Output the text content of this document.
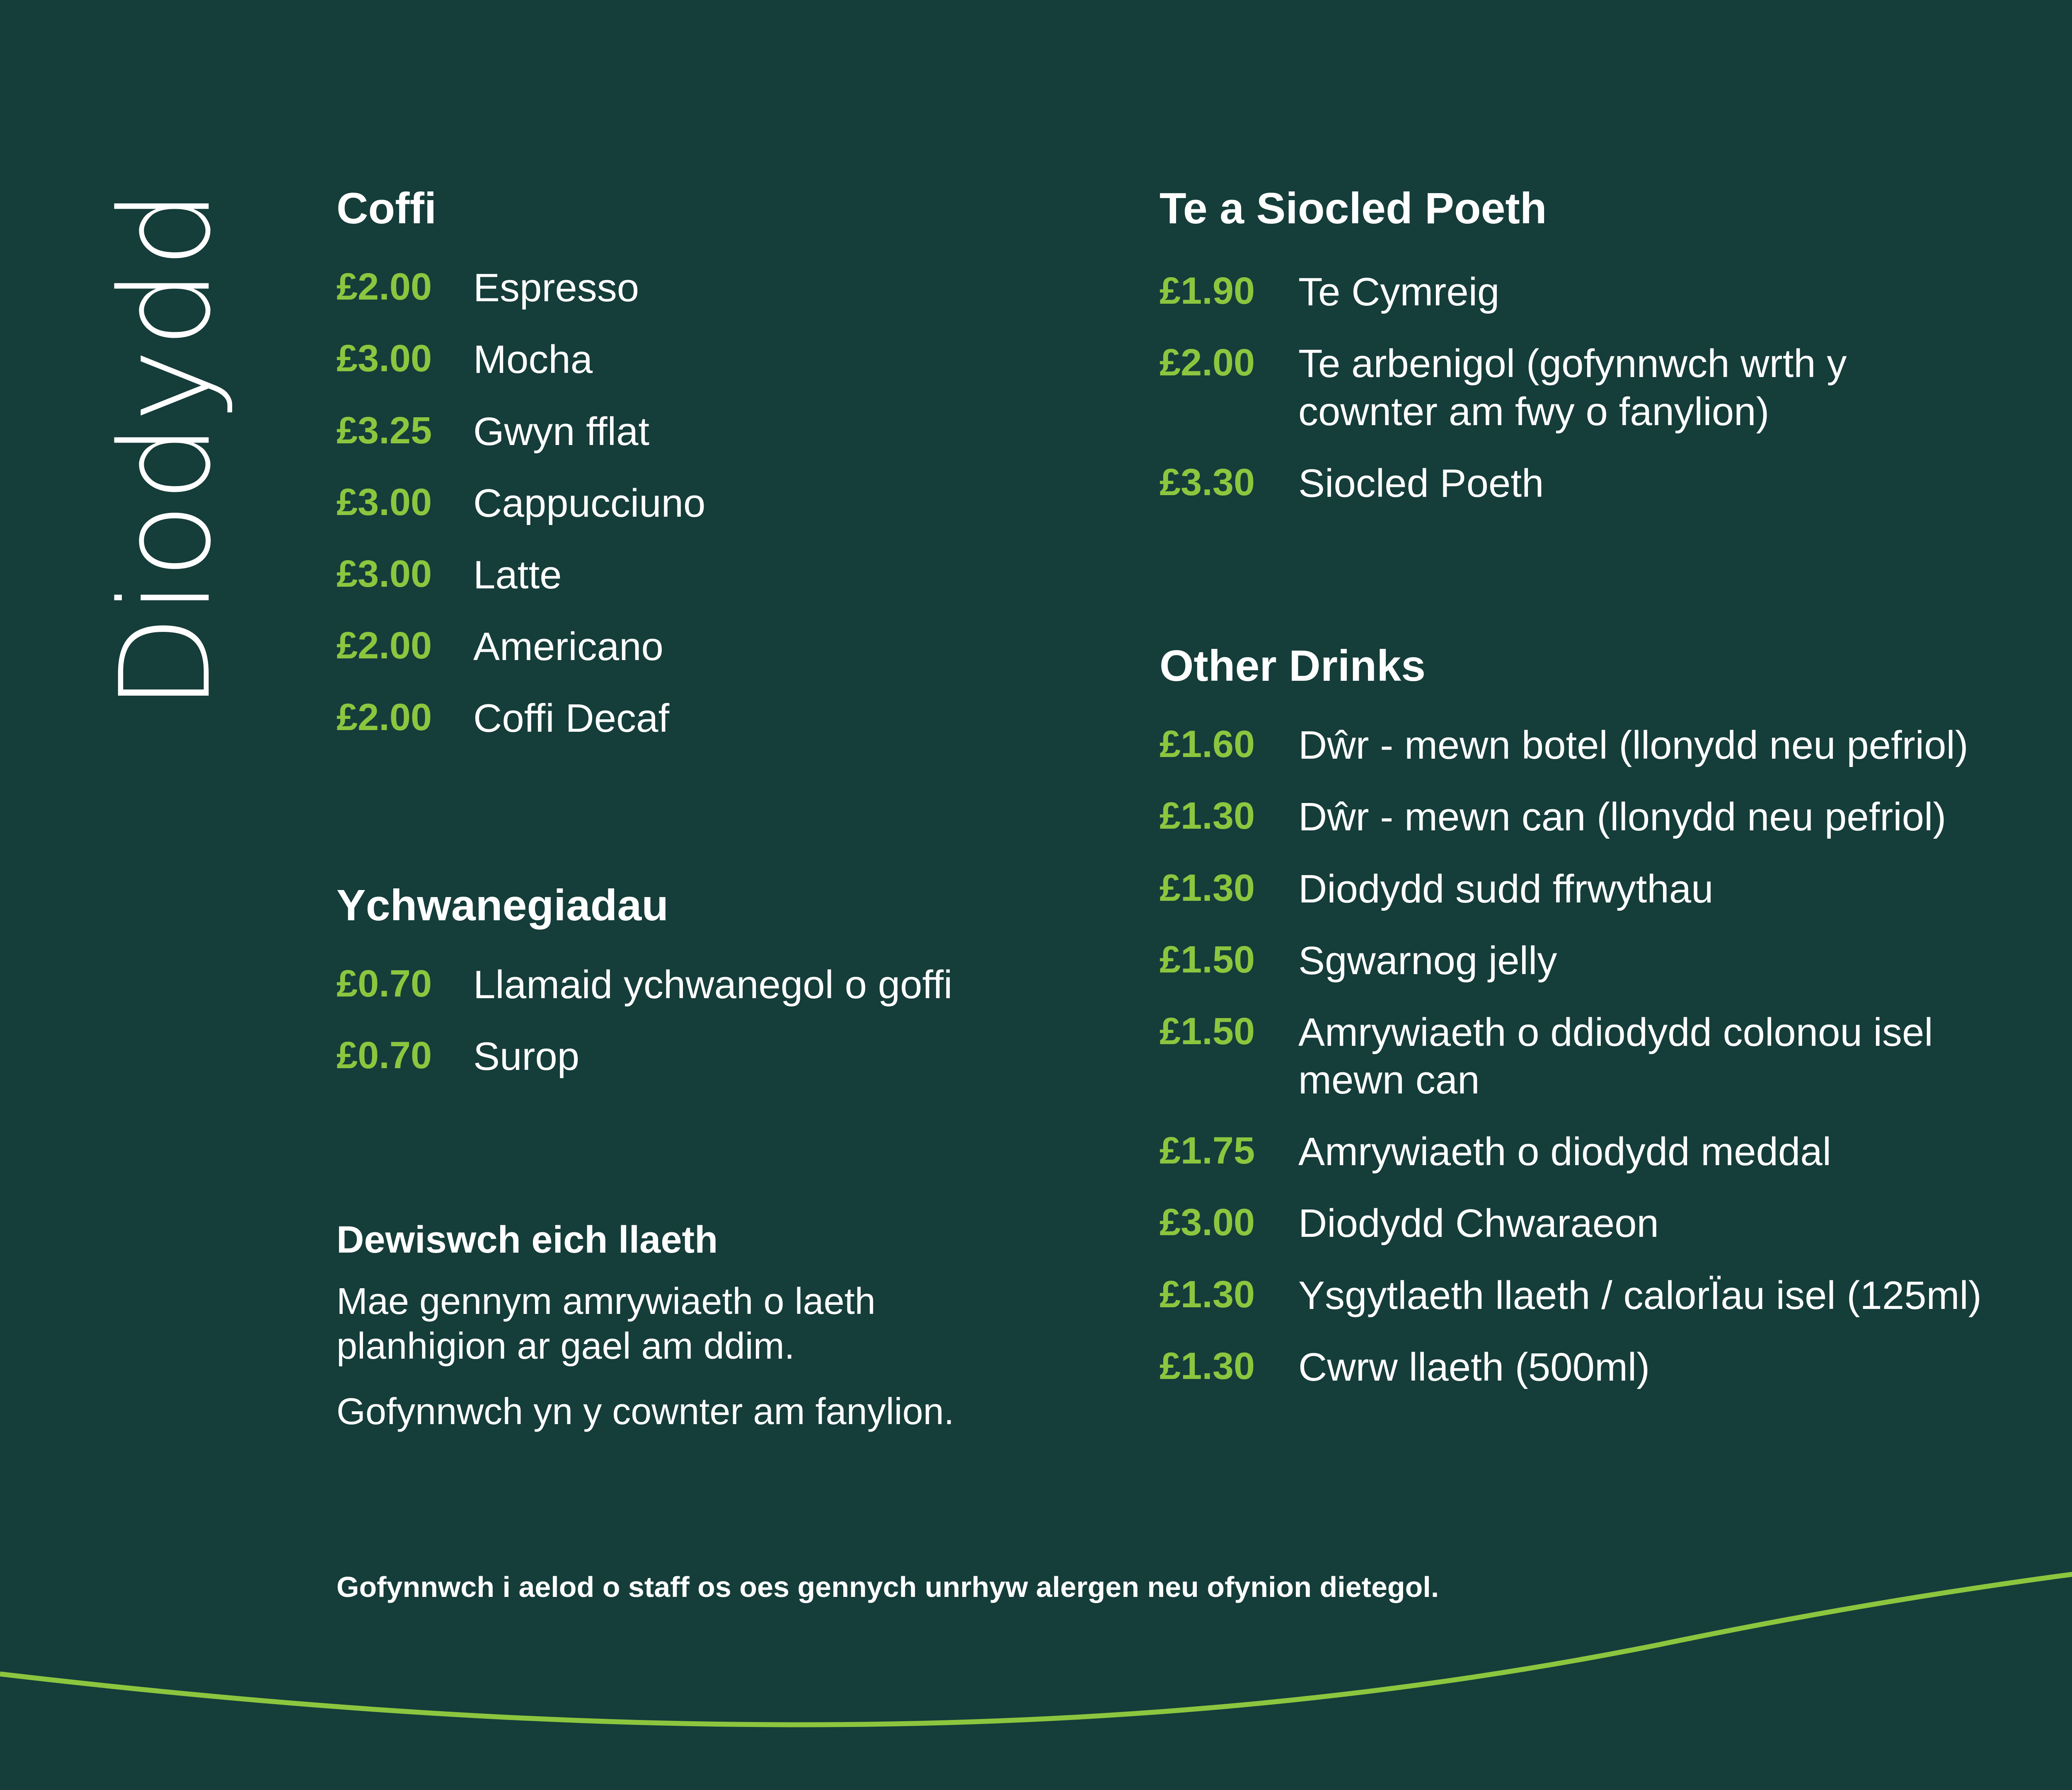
Diodydd Coffi
£2.00	Espresso
£3.00	Mocha
£3.25	Gwyn fflat
£3.00	Cappucciuno
£3.00	Latte
£2.00	Americano
£2.00	Coffi Decaf
Ychwanegiadau
£0.70	Llamaid ychwanegol o goffi
£0.70	Surop
Dewiswch eich llaeth
Mae gennym amrywiaeth o laeth planhigion ar gael am ddim.
Gofynnwch yn y cownter am fanylion.
Te a Siocled Poeth
£1.90	Te Cymreig
£2.00	Te arbenigol (gofynnwch wrth y cownter am fwy o fanylion)
£3.30	Siocled Poeth
Other Drinks
£1.60	Dŵr - mewn botel (llonydd neu pefriol)
£1.30	Dŵr - mewn can (llonydd neu pefriol)
£1.30	Diodydd sudd ffrwythau
£1.50	Sgwarnog jelly
£1.50	Amrywiaeth o ddiodydd colonou isel mewn can
£1.75	Amrywiaeth o diodydd meddal
£3.00	Diodydd Chwaraeon
£1.30	Ysgytlaeth llaeth / calorÏau isel (125ml)
£1.30	Cwrw llaeth (500ml)
Gofynnwch i aelod o staff os oes gennych unrhyw alergen neu ofynion dietegol.
